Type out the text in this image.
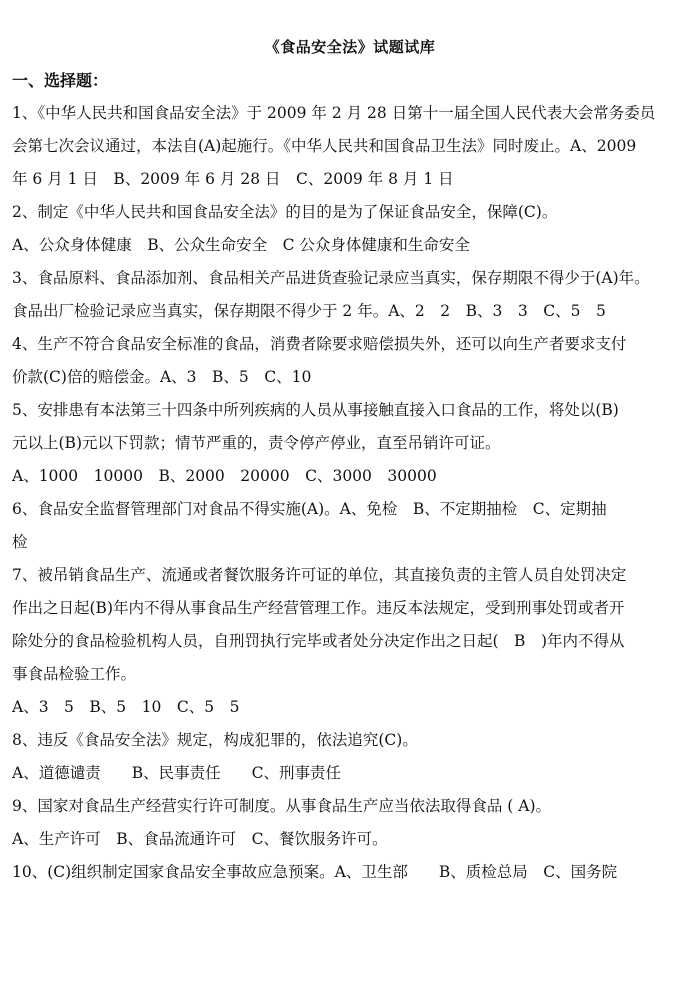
《食品安全法》试题试库
一、选择题：
1、《中华人民共和国食品安全法》于 2009 年 2 月 28 日第十一届全国人民代表大会常务委员
会第七次会议通过，本法自(A)起施行。《中华人民共和国食品卫生法》同时废止。A、2009
年 6 月 1 日　B、2009 年 6 月 28 日　C、2009 年 8 月 1 日
2、制定《中华人民共和国食品安全法》的目的是为了保证食品安全，保障(C)。
A、公众身体健康　B、公众生命安全　C 公众身体健康和生命安全
3、食品原料、食品添加剂、食品相关产品进货查验记录应当真实，保存期限不得少于(A)年。
食品出厂检验记录应当真实，保存期限不得少于 2 年。A、2　2　B、3　3　C、5　5
4、生产不符合食品安全标准的食品，消费者除要求赔偿损失外，还可以向生产者要求支付
价款(C)倍的赔偿金。A、3　B、5　C、10
5、安排患有本法第三十四条中所列疾病的人员从事接触直接入口食品的工作，将处以(B)
元以上(B)元以下罚款；情节严重的，责令停产停业，直至吊销许可证。
A、1000　10000　B、2000　20000　C、3000　30000
6、食品安全监督管理部门对食品不得实施(A)。A、免检　B、不定期抽检　C、定期抽
检
7、被吊销食品生产、流通或者餐饮服务许可证的单位，其直接负责的主管人员自处罚决定
作出之日起(B)年内不得从事食品生产经营管理工作。违反本法规定，受到刑事处罚或者开
除处分的食品检验机构人员，自刑罚执行完毕或者处分决定作出之日起(　B　)年内不得从
事食品检验工作。
A、3　5　B、5　10　C、5　5
8、违反《食品安全法》规定，构成犯罪的，依法追究(C)。
A、道德谴责　　B、民事责任　　C、刑事责任
9、国家对食品生产经营实行许可制度。从事食品生产应当依法取得食品 ( A)。
A、生产许可　B、食品流通许可　C、餐饮服务许可。
10、(C)组织制定国家食品安全事故应急预案。A、卫生部　　B、质检总局　C、国务院
